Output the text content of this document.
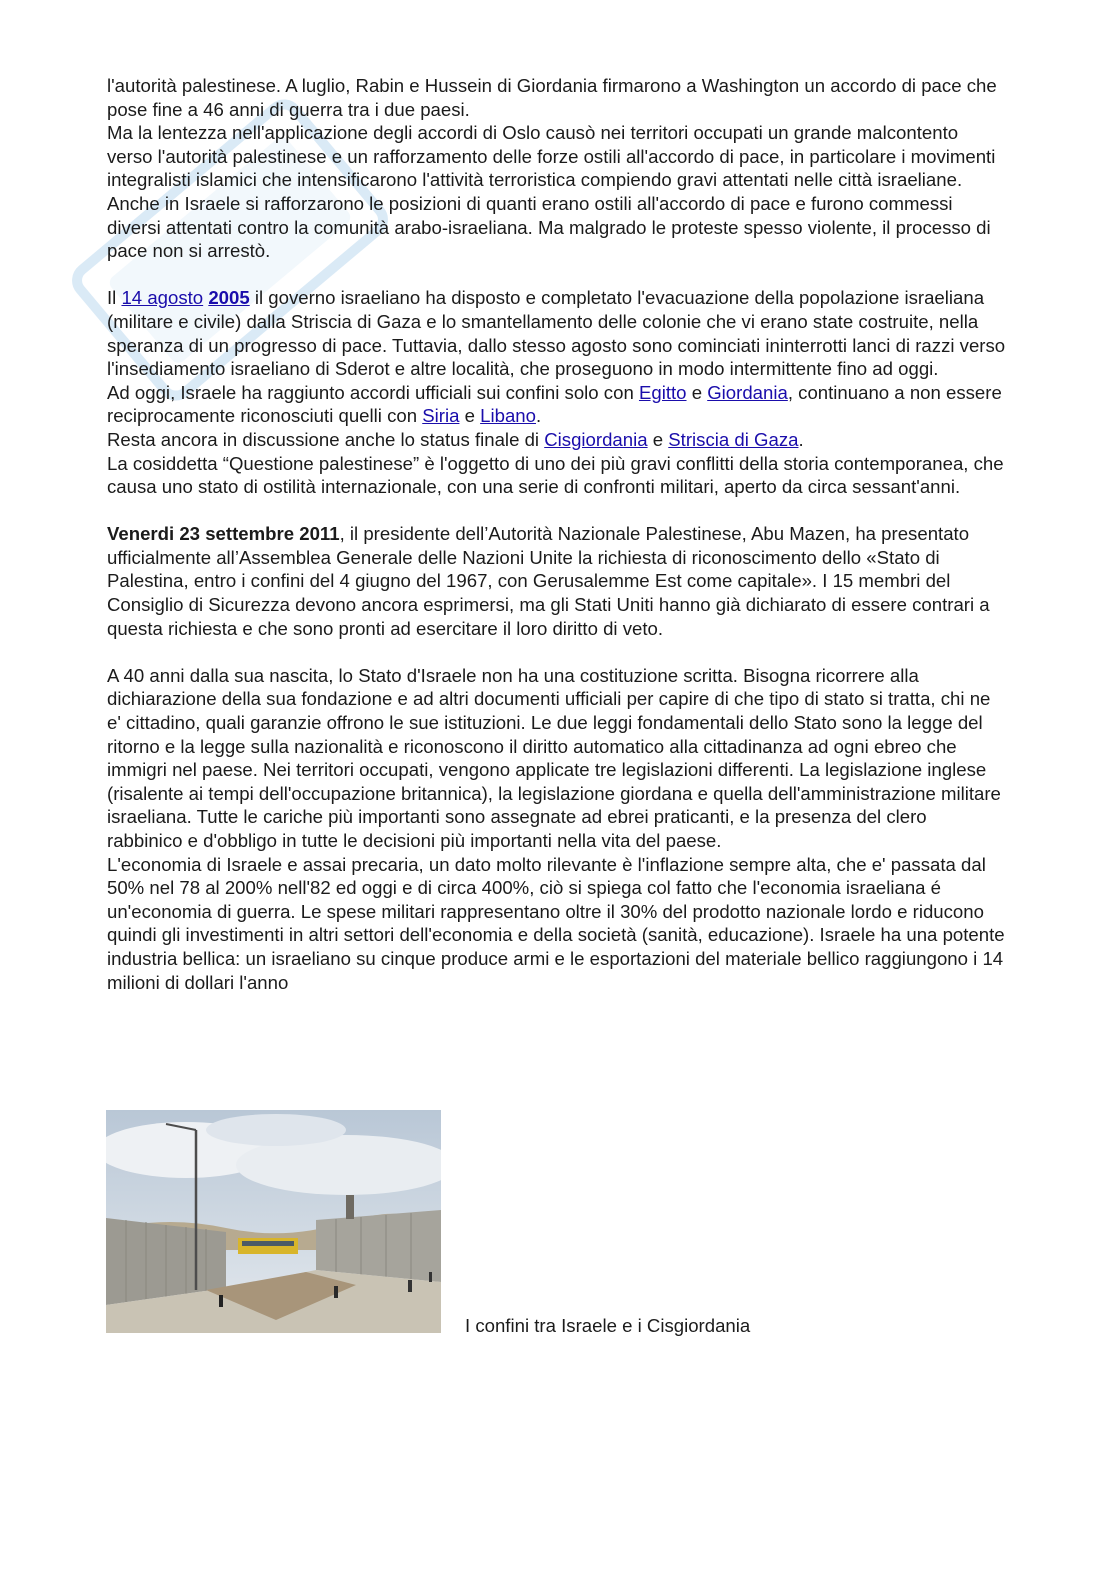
l'autorità palestinese. A luglio, Rabin e Hussein di Giordania firmarono a Washington un accordo di pace che pose fine a 46 anni di guerra tra i due paesi.

Ma la lentezza nell'applicazione degli accordi di Oslo causò nei territori occupati un grande malcontento verso l'autorità palestinese e un rafforzamento delle forze ostili all'accordo di pace, in particolare i movimenti integralisti islamici che intensificarono l'attività terroristica compiendo gravi attentati nelle città israeliane. Anche in Israele si rafforzarono le posizioni di quanti erano ostili all'accordo di pace e furono commessi diversi attentati contro la comunità arabo-israeliana. Ma malgrado le proteste spesso violente, il processo di pace non si arrestò.

Il 14 agosto 2005 il governo israeliano ha disposto e completato l'evacuazione della popolazione israeliana (militare e civile) dalla Striscia di Gaza e lo smantellamento delle colonie che vi erano state costruite, nella speranza di un progresso di pace. Tuttavia, dallo stesso agosto sono cominciati ininterrotti lanci di razzi verso l'insediamento israeliano di Sderot e altre località, che proseguono in modo intermittente fino ad oggi.

Ad oggi, Israele ha raggiunto accordi ufficiali sui confini solo con Egitto e Giordania, continuano a non essere reciprocamente riconosciuti quelli con Siria e Libano.

Resta ancora in discussione anche lo status finale di Cisgiordania e Striscia di Gaza.

La cosiddetta “Questione palestinese” è l'oggetto di uno dei più gravi conflitti della storia contemporanea, che causa uno stato di ostilità internazionale, con una serie di confronti militari, aperto da circa sessant'anni.

Venerdi 23 settembre 2011, il presidente dell’Autorità Nazionale Palestinese, Abu Mazen, ha presentato ufficialmente all’Assemblea Generale delle Nazioni Unite la richiesta di riconoscimento dello «Stato di Palestina, entro i confini del 4 giugno del 1967, con Gerusalemme Est come capitale». I 15 membri del Consiglio di Sicurezza devono ancora esprimersi, ma gli Stati Uniti hanno già dichiarato di essere contrari a questa richiesta e che sono pronti ad esercitare il loro diritto di veto.

A 40 anni dalla sua nascita, lo Stato d'Israele non ha una costituzione scritta. Bisogna ricorrere alla dichiarazione della sua fondazione e ad altri documenti ufficiali per capire di che tipo di stato si tratta, chi ne e' cittadino, quali garanzie offrono le sue istituzioni. Le due leggi fondamentali dello Stato sono la legge del ritorno e la legge sulla nazionalità e riconoscono il diritto automatico alla cittadinanza ad ogni ebreo che immigri nel paese. Nei territori occupati, vengono applicate tre legislazioni differenti. La legislazione inglese (risalente ai tempi dell'occupazione britannica), la legislazione giordana e quella dell'amministrazione militare israeliana. Tutte le cariche più importanti sono assegnate ad ebrei praticanti, e la presenza del clero rabbinico e d'obbligo in tutte le decisioni più importanti nella vita del paese.

L'economia di Israele e assai precaria, un dato molto rilevante è l'inflazione sempre alta, che e' passata dal 50% nel 78 al 200% nell'82 ed oggi e di circa 400%, ciò si spiega col fatto che l'economia israeliana é un'economia di guerra. Le spese militari rappresentano oltre il 30% del prodotto nazionale lordo e riducono quindi gli investimenti in altri settori dell'economia e della società (sanità, educazione). Israele ha una potente industria bellica: un israeliano su cinque produce armi e le esportazioni del materiale bellico raggiungono i 14 milioni di dollari l'anno

I confini tra Israele e i Cisgiordania
